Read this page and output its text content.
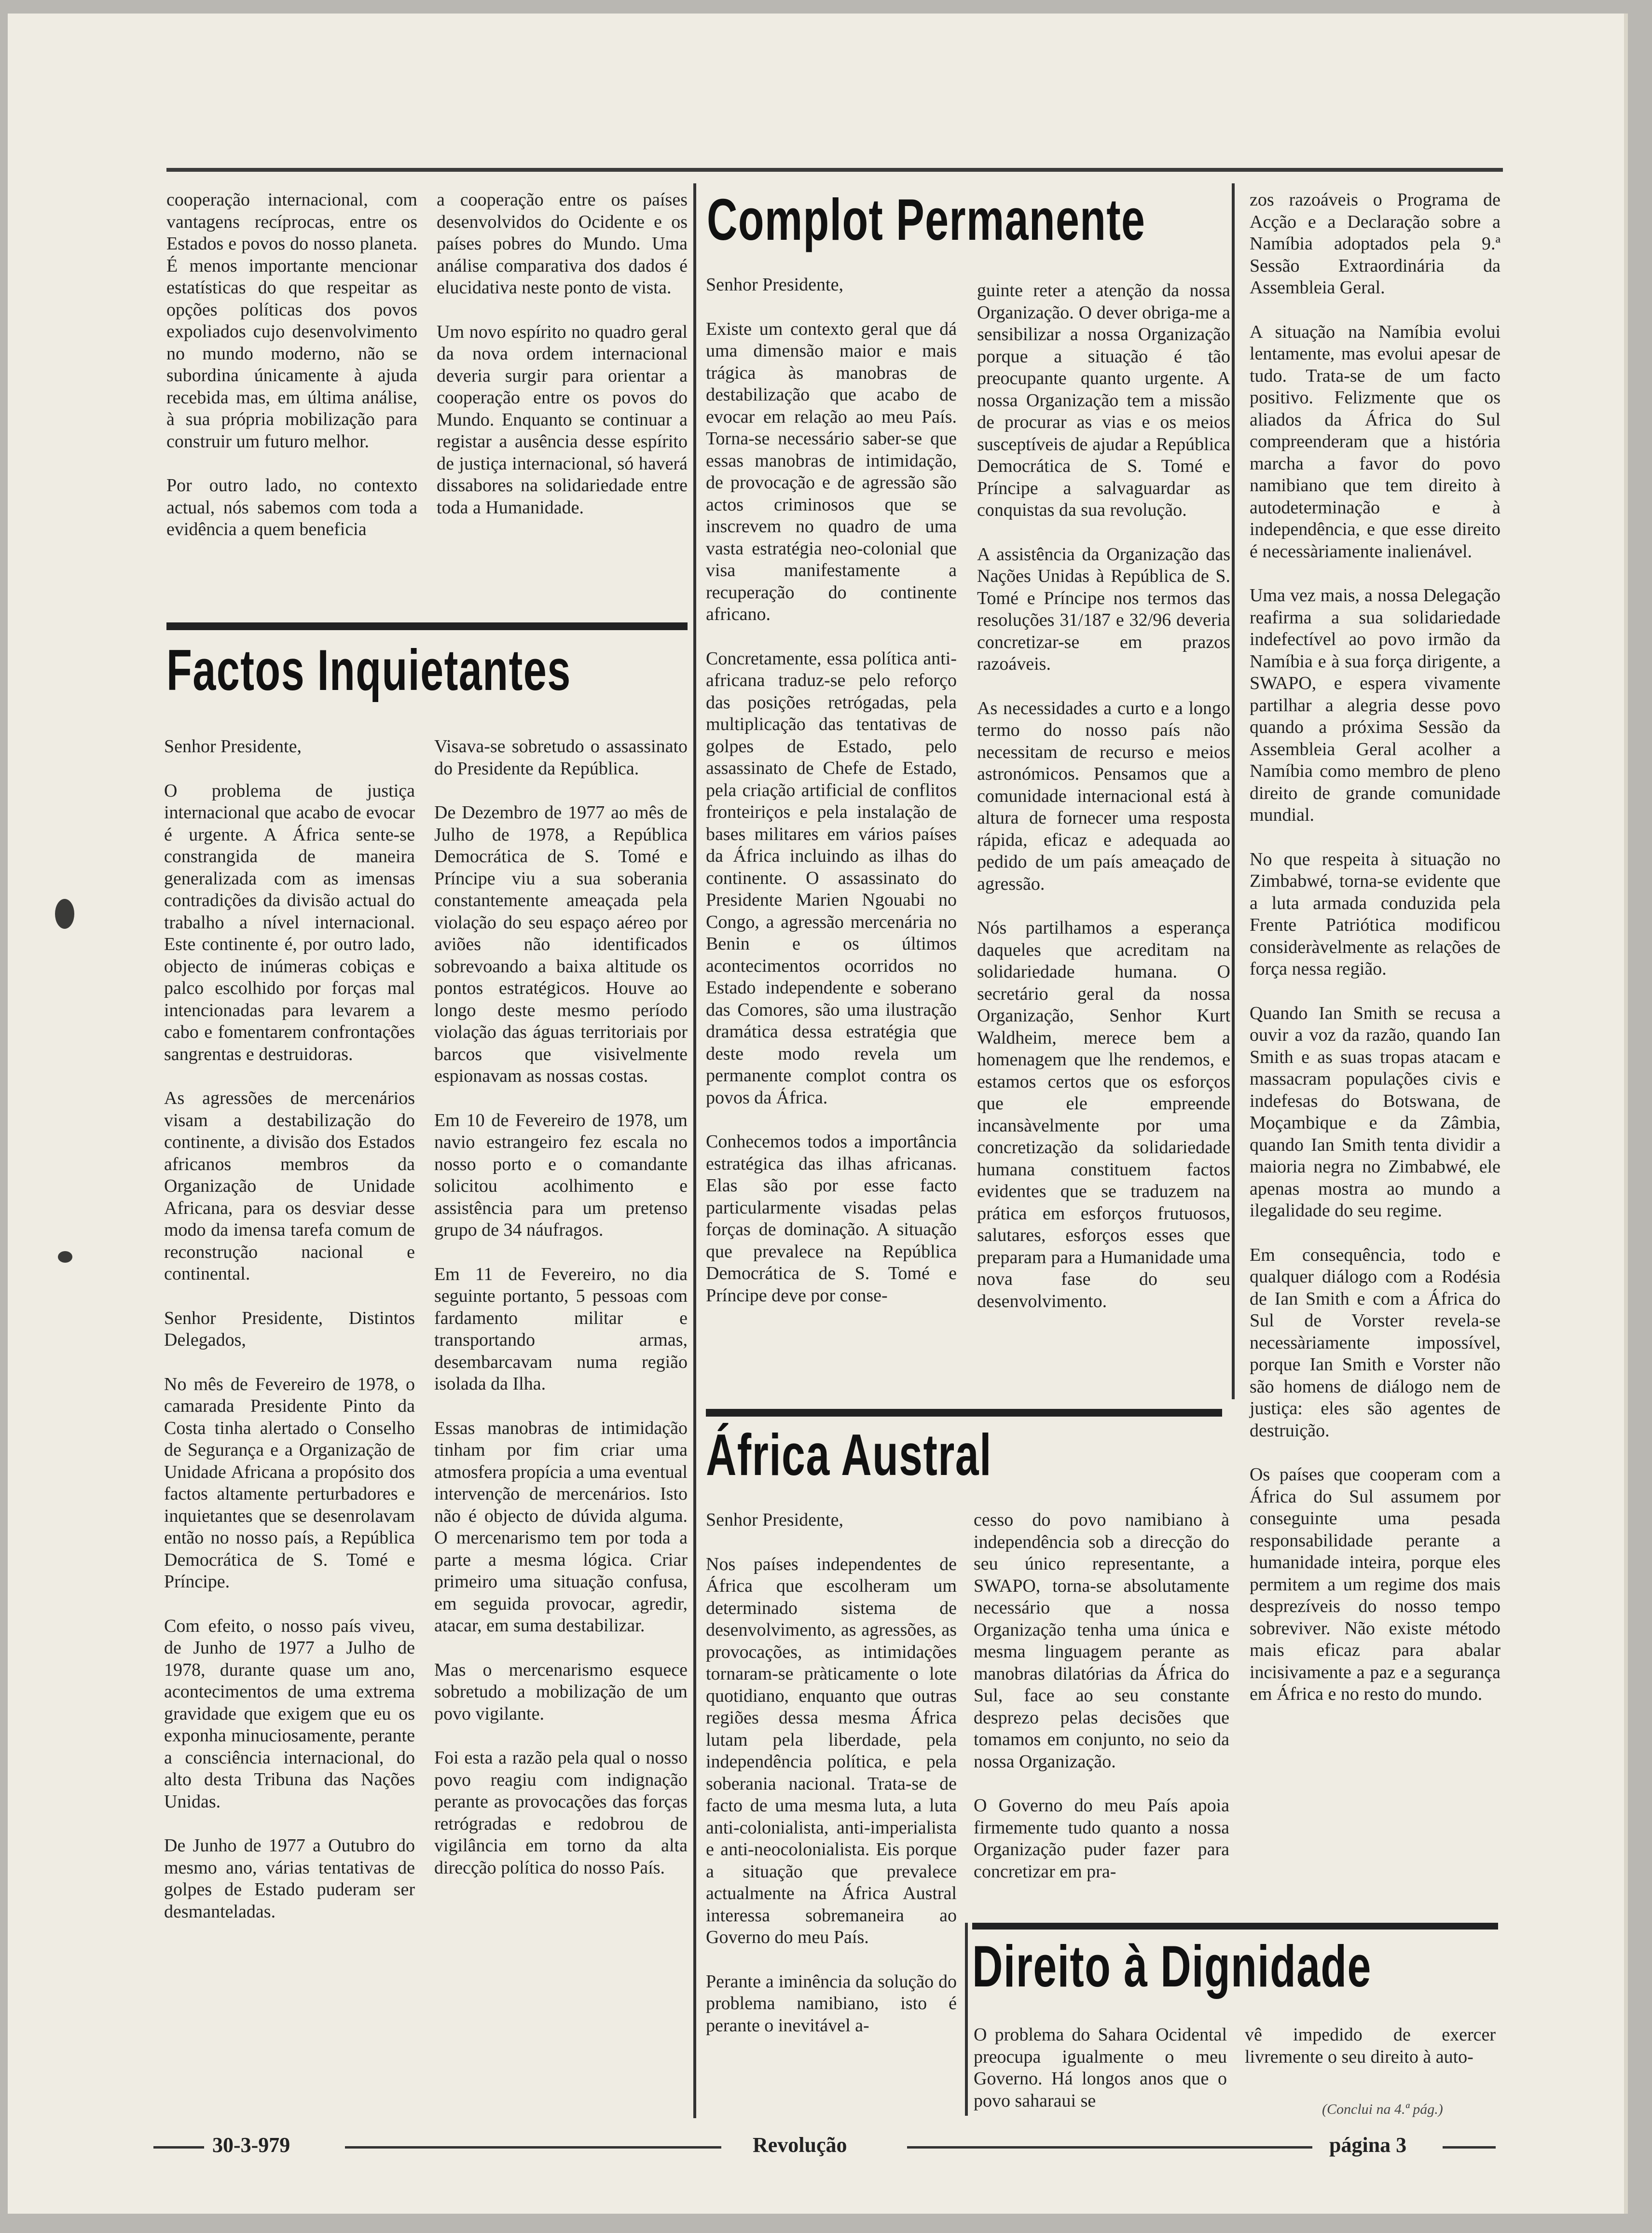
cooperação internacional, com vantagens recíprocas, entre os Estados e povos do nosso planeta. É menos importante mencionar estatísticas do que respeitar as opções políticas dos povos expoliados cujo desenvolvimento no mundo moderno, não se subordina únicamente à ajuda recebida mas, em última análise, à sua própria mobilização para construir um futuro melhor.

Por outro lado, no contexto actual, nós sabemos com toda a evidência a quem beneficia

a cooperação entre os países desenvolvidos do Ocidente e os países pobres do Mundo. Uma análise comparativa dos dados é elucidativa neste ponto de vista.

Um novo espírito no quadro geral da nova ordem internacional deveria surgir para orientar a cooperação entre os povos do Mundo. Enquanto se continuar a registar a ausência desse espírito de justiça internacional, só haverá dissabores na solidariedade entre toda a Humanidade.

Factos Inquietantes

Senhor Presidente,

O problema de justiça internacional que acabo de evocar é urgente. A África sente-se constrangida de maneira generalizada com as imensas contradições da divisão actual do trabalho a nível internacional. Este continente é, por outro lado, objecto de inúmeras cobiças e palco escolhido por forças mal intencionadas para levarem a cabo e fomentarem confrontações sangrentas e destruidoras.

As agressões de mercenários visam a destabilização do continente, a divisão dos Estados africanos membros da Organização de Unidade Africana, para os desviar desse modo da imensa tarefa comum de reconstrução nacional e continental.

Senhor Presidente, Distintos Delegados,

No mês de Fevereiro de 1978, o camarada Presidente Pinto da Costa tinha alertado o Conselho de Segurança e a Organização de Unidade Africana a propósito dos factos altamente perturbadores e inquietantes que se desenrolavam então no nosso país, a República Democrática de S. Tomé e Príncipe.

Com efeito, o nosso país viveu, de Junho de 1977 a Julho de 1978, durante quase um ano, acontecimentos de uma extrema gravidade que exigem que eu os exponha minuciosamente, perante a consciência internacional, do alto desta Tribuna das Nações Unidas.

De Junho de 1977 a Outubro do mesmo ano, várias tentativas de golpes de Estado puderam ser desmanteladas.

Visava-se sobretudo o assassinato do Presidente da República.

De Dezembro de 1977 ao mês de Julho de 1978, a República Democrática de S. Tomé e Príncipe viu a sua soberania constantemente ameaçada pela violação do seu espaço aéreo por aviões não identificados sobrevoando a baixa altitude os pontos estratégicos. Houve ao longo deste mesmo período violação das águas territoriais por barcos que visivelmente espionavam as nossas costas.

Em 10 de Fevereiro de 1978, um navio estrangeiro fez escala no nosso porto e o comandante solicitou acolhimento e assistência para um pretenso grupo de 34 náufragos.

Em 11 de Fevereiro, no dia seguinte portanto, 5 pessoas com fardamento militar e transportando armas, desembarcavam numa região isolada da Ilha.

Essas manobras de intimidação tinham por fim criar uma atmosfera propícia a uma eventual intervenção de mercenários. Isto não é objecto de dúvida alguma. O mercenarismo tem por toda a parte a mesma lógica. Criar primeiro uma situação confusa, em seguida provocar, agredir, atacar, em suma destabilizar.

Mas o mercenarismo esquece sobretudo a mobilização de um povo vigilante.

Foi esta a razão pela qual o nosso povo reagiu com indignação perante as provocações das forças retrógradas e redobrou de vigilância em torno da alta direcção política do nosso País.

Complot Permanente

Senhor Presidente,

Existe um contexto geral que dá uma dimensão maior e mais trágica às manobras de destabilização que acabo de evocar em relação ao meu País. Torna-se necessário saber-se que essas manobras de intimidação, de provocação e de agressão são actos criminosos que se inscrevem no quadro de uma vasta estratégia neo-colonial que visa manifestamente a recuperação do continente africano.

Concretamente, essa política anti-africana traduz-se pelo reforço das posições retrógadas, pela multiplicação das tentativas de golpes de Estado, pelo assassinato de Chefe de Estado, pela criação artificial de conflitos fronteiriços e pela instalação de bases militares em vários países da África incluindo as ilhas do continente. O assassinato do Presidente Marien Ngouabi no Congo, a agressão mercenária no Benin e os últimos acontecimentos ocorridos no Estado independente e soberano das Comores, são uma ilustração dramática dessa estratégia que deste modo revela um permanente complot contra os povos da África.

Conhecemos todos a importância estratégica das ilhas africanas. Elas são por esse facto particularmente visadas pelas forças de dominação. A situação que prevalece na República Democrática de S. Tomé e Príncipe deve por conse-

guinte reter a atenção da nossa Organização. O dever obriga-me a sensibilizar a nossa Organização porque a situação é tão preocupante quanto urgente. A nossa Organização tem a missão de procurar as vias e os meios susceptíveis de ajudar a República Democrática de S. Tomé e Príncipe a salvaguardar as conquistas da sua revolução.

A assistência da Organização das Nações Unidas à República de S. Tomé e Príncipe nos termos das resoluções 31/187 e 32/96 deveria concretizar-se em prazos razoáveis.

As necessidades a curto e a longo termo do nosso país não necessitam de recurso e meios astronómicos. Pensamos que a comunidade internacional está à altura de fornecer uma resposta rápida, eficaz e adequada ao pedido de um país ameaçado de agressão.

Nós partilhamos a esperança daqueles que acreditam na solidariedade humana. O secretário geral da nossa Organização, Senhor Kurt Waldheim, merece bem a homenagem que lhe rendemos, e estamos certos que os esforços que ele empreende incansàvelmente por uma concretização da solidariedade humana constituem factos evidentes que se traduzem na prática em esforços frutuosos, salutares, esforços esses que preparam para a Humanidade uma nova fase do seu desenvolvimento.

África Austral

Senhor Presidente,

Nos países independentes de África que escolheram um determinado sistema de desenvolvimento, as agressões, as provocações, as intimidações tornaram-se pràticamente o lote quotidiano, enquanto que outras regiões dessa mesma África lutam pela liberdade, pela independência política, e pela soberania nacional. Trata-se de facto de uma mesma luta, a luta anti-colonialista, anti-imperialista e anti-neocolonialista. Eis porque a situação que prevalece actualmente na África Austral interessa sobremaneira ao Governo do meu País.

Perante a iminência da solução do problema namibiano, isto é perante o inevitável a-

cesso do povo namibiano à independência sob a direcção do seu único representante, a SWAPO, torna-se absolutamente necessário que a nossa Organização tenha uma única e mesma linguagem perante as manobras dilatórias da África do Sul, face ao seu constante desprezo pelas decisões que tomamos em conjunto, no seio da nossa Organização.

O Governo do meu País apoia firmemente tudo quanto a nossa Organização puder fazer para concretizar em pra-

zos razoáveis o Programa de Acção e a Declaração sobre a Namíbia adoptados pela 9.ª Sessão Extraordinária da Assembleia Geral.

A situação na Namíbia evolui lentamente, mas evolui apesar de tudo. Trata-se de um facto positivo. Felizmente que os aliados da África do Sul compreenderam que a história marcha a favor do povo namibiano que tem direito à autodeterminação e à independência, e que esse direito é necessàriamente inalienável.

Uma vez mais, a nossa Delegação reafirma a sua solidariedade indefectível ao povo irmão da Namíbia e à sua força dirigente, a SWAPO, e espera vivamente partilhar a alegria desse povo quando a próxima Sessão da Assembleia Geral acolher a Namíbia como membro de pleno direito de grande comunidade mundial.

No que respeita à situação no Zimbabwé, torna-se evidente que a luta armada conduzida pela Frente Patriótica modificou consideràvelmente as relações de força nessa região.

Quando Ian Smith se recusa a ouvir a voz da razão, quando Ian Smith e as suas tropas atacam e massacram populações civis e indefesas do Botswana, de Moçambique e da Zâmbia, quando Ian Smith tenta dividir a maioria negra no Zimbabwé, ele apenas mostra ao mundo a ilegalidade do seu regime.

Em consequência, todo e qualquer diálogo com a Rodésia de Ian Smith e com a África do Sul de Vorster revela-se necessàriamente impossível, porque Ian Smith e Vorster não são homens de diálogo nem de justiça: eles são agentes de destruição.

Os países que cooperam com a África do Sul assumem por conseguinte uma pesada responsabilidade perante a humanidade inteira, porque eles permitem a um regime dos mais desprezíveis do nosso tempo sobreviver. Não existe método mais eficaz para abalar incisivamente a paz e a segurança em África e no resto do mundo.

Direito à Dignidade

O problema do Sahara Ocidental preocupa igualmente o meu Governo. Há longos anos que o povo saharaui se

vê impedido de exercer livremente o seu direito à auto-

(Conclui na 4.ª pág.)
30-3-979	Revolução	página 3
